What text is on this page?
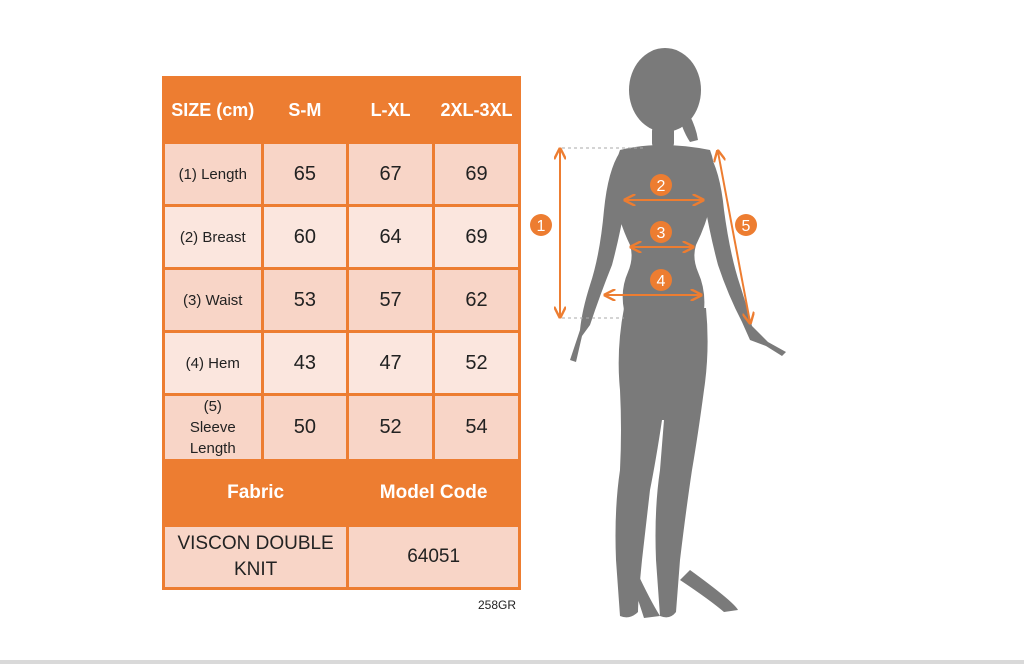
SIZE (cm)	S-M	L-XL	2XL-3XL
(1) Length	65	67	69
(2) Breast	60	64	69
(3) Waist	53	57	62
(4) Hem	43	47	52
(5) Sleeve Length	50	52	54
Fabric		Model Code	
VISCON DOUBLE KNIT		64051	
258GR
1
2
3
4
5
